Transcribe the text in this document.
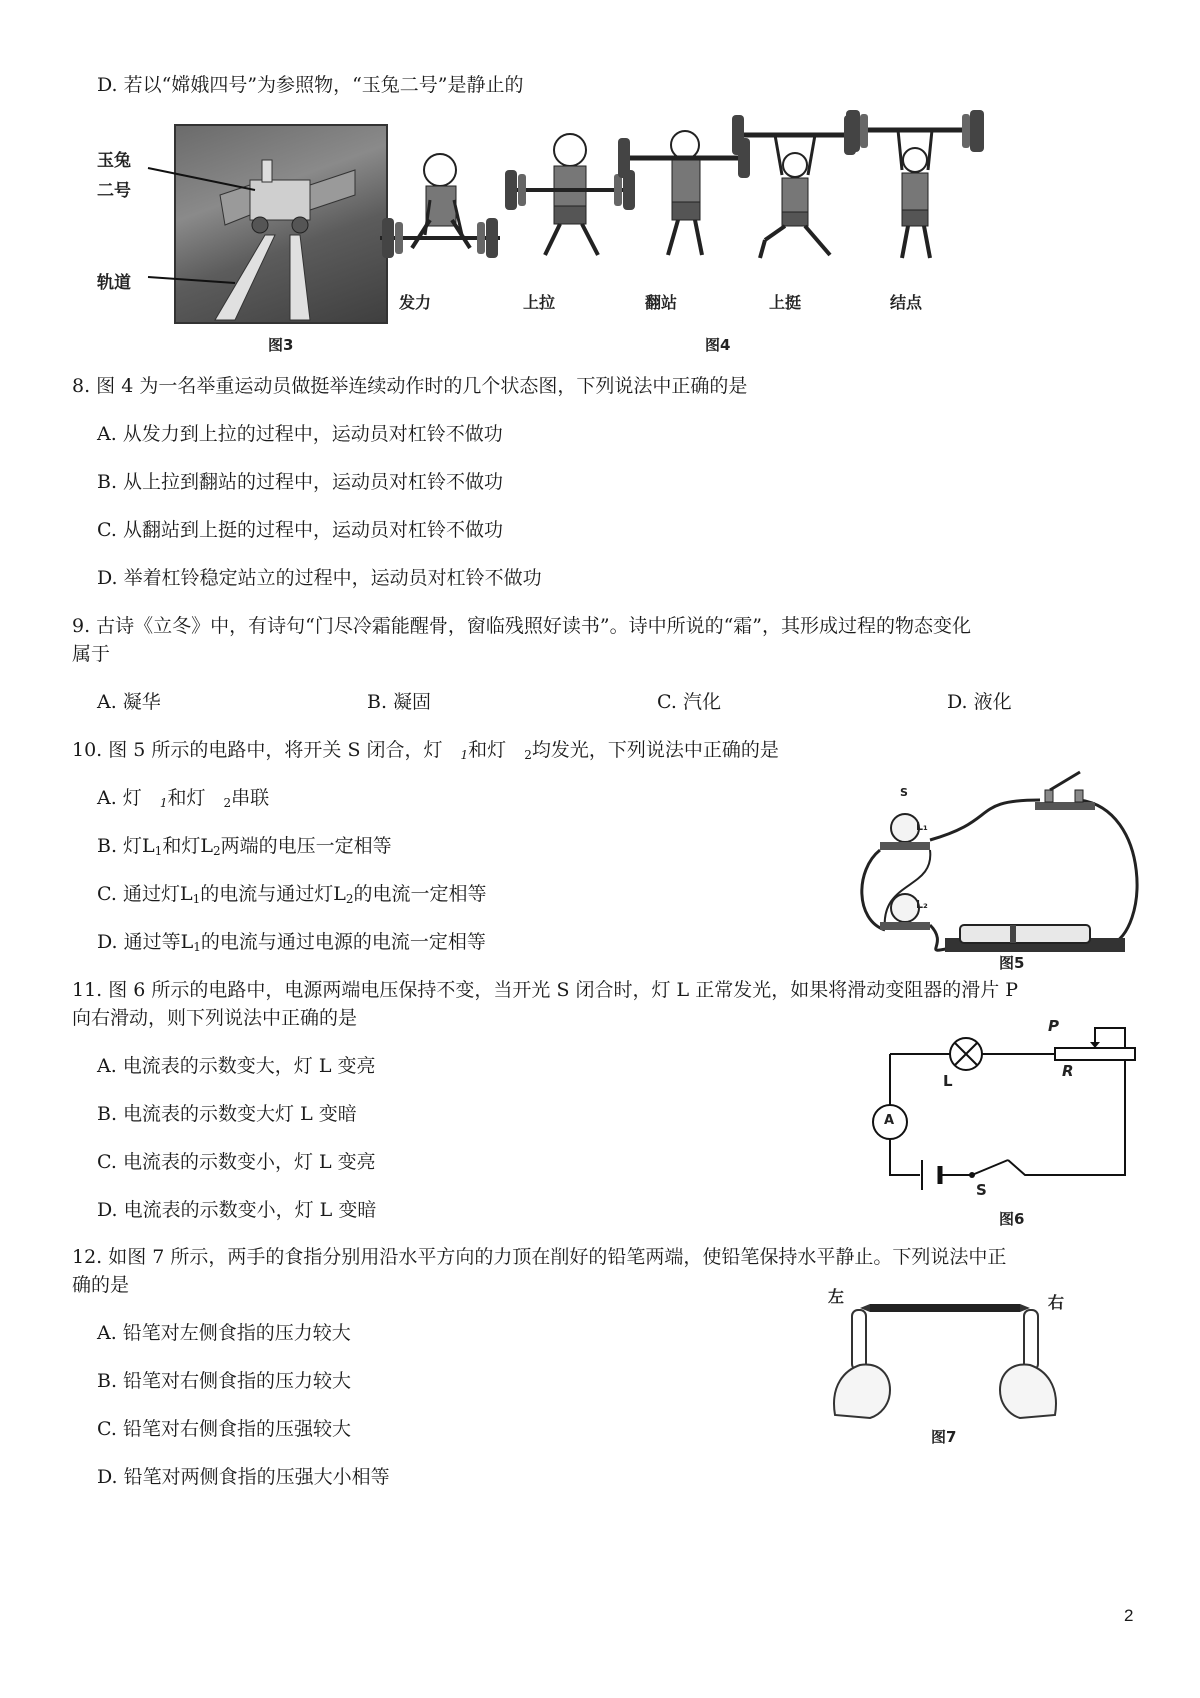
D. 若以“嫦娥四号”为参照物，“玉兔二号”是静止的
玉兔
二号
轨道
图3
发力	上拉	翻站	上挺	结点
图4
8. 图 4 为一名举重运动员做挺举连续动作时的几个状态图，下列说法中正确的是
A. 从发力到上拉的过程中，运动员对杠铃不做功
B. 从上拉到翻站的过程中，运动员对杠铃不做功
C. 从翻站到上挺的过程中，运动员对杠铃不做功
D. 举着杠铃稳定站立的过程中，运动员对杠铃不做功
9. 古诗《立冬》中，有诗句“门尽冷霜能醒骨，窗临残照好读书”。诗中所说的“霜”，其形成过程的物态变化
属于
A. 凝华	B. 凝固	C. 汽化	D. 液化
10. 图 5 所示的电路中，将开关 S 闭合，灯 $_1$和灯 $_2$均发光，下列说法中正确的是
A. 灯 $_1$和灯 $_2$串联
B. 灯$L_1$和灯$L_2$两端的电压一定相等
C. 通过灯$L_1$的电流与通过灯$L_2$的电流一定相等
D. 通过等$L_1$的电流与通过电源的电流一定相等
S
L₁
L₂
图5
11. 图 6 所示的电路中，电源两端电压保持不变，当开光 S 闭合时，灯 L 正常发光，如果将滑动变阻器的滑片 P
向右滑动，则下列说法中正确的是
A. 电流表的示数变大，灯 L 变亮
B. 电流表的示数变大灯 L 变暗
C. 电流表的示数变小，灯 L 变亮
D. 电流表的示数变小，灯 L 变暗
P
R
L
A
S
图6
12. 如图 7 所示，两手的食指分别用沿水平方向的力顶在削好的铅笔两端，使铅笔保持水平静止。下列说法中正
确的是
A. 铅笔对左侧食指的压力较大
B. 铅笔对右侧食指的压力较大
C. 铅笔对右侧食指的压强较大
D. 铅笔对两侧食指的压强大小相等
左	右
图7
2
